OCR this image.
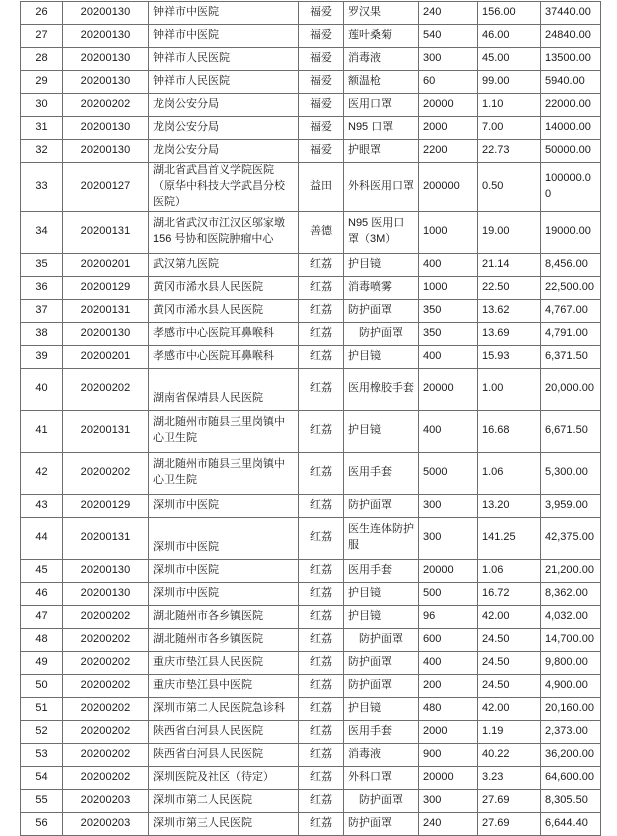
26	20200130	钟祥市中医院	福爱	罗汉果	240	156.00	37440.00
27	20200130	钟祥市中医院	福爱	莲叶桑菊	540	46.00	24840.00
28	20200130	钟祥市人民医院	福爱	消毒液	300	45.00	13500.00
29	20200130	钟祥市人民医院	福爱	额温枪	60	99.00	5940.00
30	20200202	龙岗公安分局	福爱	医用口罩	20000	1.10	22000.00
31	20200130	龙岗公安分局	福爱	N95 口罩	2000	7.00	14000.00
32	20200130	龙岗公安分局	福爱	护眼罩	2200	22.73	50000.00
33	20200127	湖北省武昌首义学院医院（原华中科技大学武昌分校医院）	益田	外科医用口罩	200000	0.50	100000.00
34	20200131	湖北省武汉市江汉区邬家墩 156 号协和医院肿瘤中心	善德	N95 医用口罩（3M）	1000	19.00	19000.00
35	20200201	武汉第九医院	红荔	护目镜	400	21.14	8,456.00
36	20200129	黄冈市浠水县人民医院	红荔	消毒喷雾	1000	22.50	22,500.00
37	20200131	黄冈市浠水县人民医院	红荔	防护面罩	350	13.62	4,767.00
38	20200130	孝感市中心医院耳鼻喉科	红荔	防护面罩	350	13.69	4,791.00
39	20200201	孝感市中心医院耳鼻喉科	红荔	护目镜	400	15.93	6,371.50
40	20200202	湖南省保靖县人民医院	红荔	医用橡胶手套	20000	1.00	20,000.00
41	20200131	湖北随州市随县三里岗镇中心卫生院	红荔	护目镜	400	16.68	6,671.50
42	20200202	湖北随州市随县三里岗镇中心卫生院	红荔	医用手套	5000	1.06	5,300.00
43	20200129	深圳市中医院	红荔	防护面罩	300	13.20	3,959.00
44	20200131	深圳市中医院	红荔	医生连体防护服	300	141.25	42,375.00
45	20200130	深圳市中医院	红荔	医用手套	20000	1.06	21,200.00
46	20200130	深圳市中医院	红荔	护目镜	500	16.72	8,362.00
47	20200202	湖北随州市各乡镇医院	红荔	护目镜	96	42.00	4,032.00
48	20200202	湖北随州市各乡镇医院	红荔	防护面罩	600	24.50	14,700.00
49	20200202	重庆市垫江县人民医院	红荔	防护面罩	400	24.50	9,800.00
50	20200202	重庆市垫江县中医院	红荔	防护面罩	200	24.50	4,900.00
51	20200202	深圳市第二人民医院急诊科	红荔	护目镜	480	42.00	20,160.00
52	20200202	陕西省白河县人民医院	红荔	医用手套	2000	1.19	2,373.00
53	20200202	陕西省白河县人民医院	红荔	消毒液	900	40.22	36,200.00
54	20200202	深圳医院及社区（待定）	红荔	外科口罩	20000	3.23	64,600.00
55	20200203	深圳市第二人民医院	红荔	防护面罩	300	27.69	8,305.50
56	20200203	深圳市第三人民医院	红荔	防护面罩	240	27.69	6,644.40
